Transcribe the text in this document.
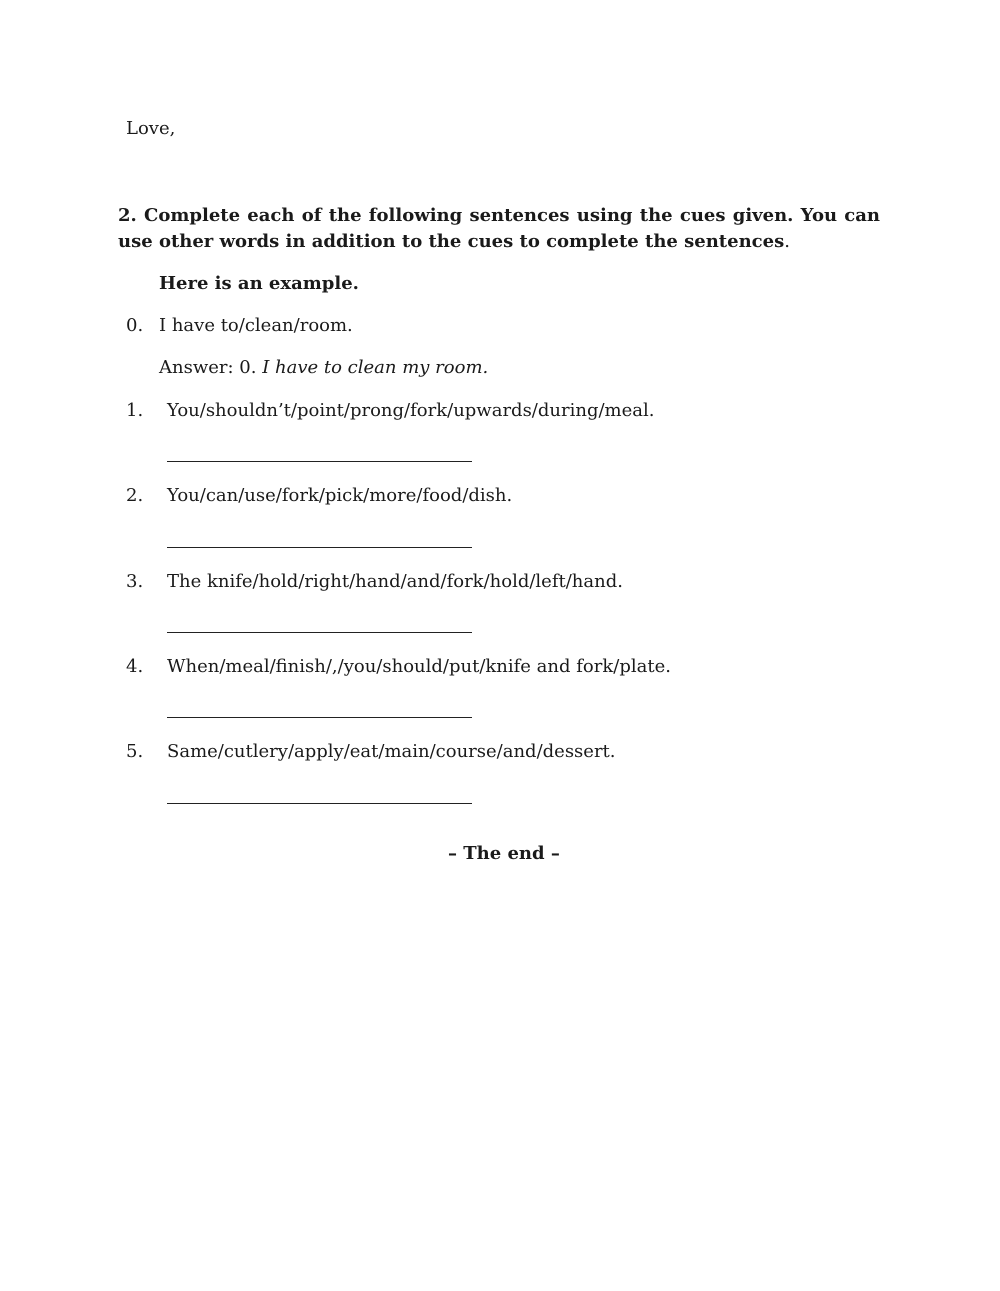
Love,
2. Complete each of the following sentences using the cues given. You can use other words in addition to the cues to complete the sentences.
Here is an example.
0. I have to/clean/room.
Answer: 0. I have to clean my room.
1. You/shouldn’t/point/prong/fork/upwards/during/meal.
2. You/can/use/fork/pick/more/food/dish.
3. The knife/hold/right/hand/and/fork/hold/left/hand.
4. When/meal/finish/,/you/should/put/knife and fork/plate.
5. Same/cutlery/apply/eat/main/course/and/dessert.
– The end –
